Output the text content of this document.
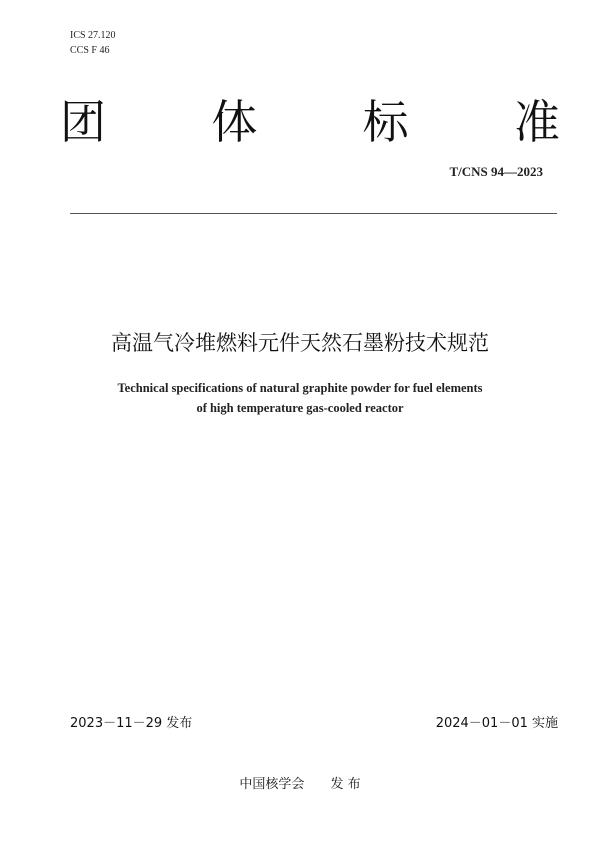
ICS 27.120
CCS F 46
团 体 标 准
T/CNS 94—2023
高温气冷堆燃料元件天然石墨粉技术规范
Technical specifications of natural graphite powder for fuel elements
of high temperature gas-cooled reactor
2023－11－29 发布	2024－01－01 实施
中国核学会 发 布
